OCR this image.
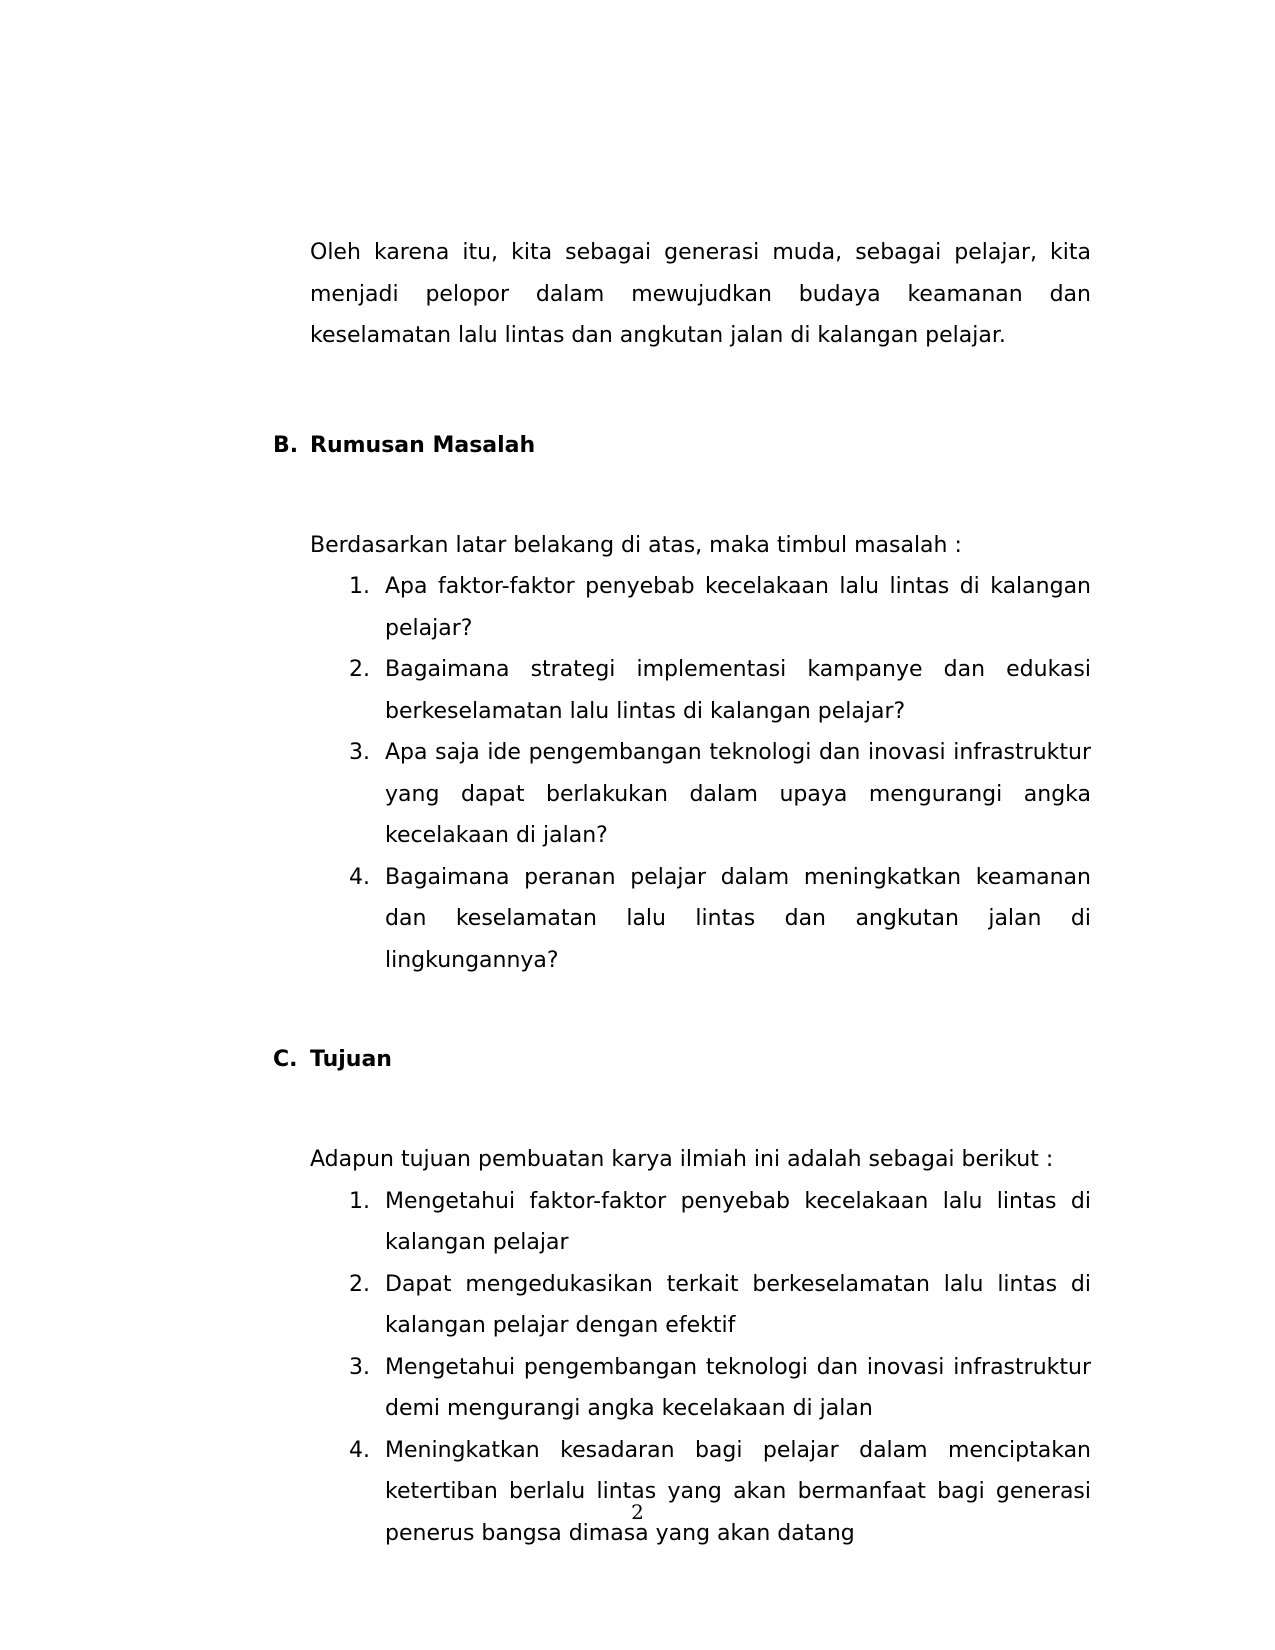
Oleh karena itu, kita sebagai generasi muda, sebagai pelajar, kita menjadi pelopor dalam mewujudkan budaya keamanan dan keselamatan lalu lintas dan angkutan jalan di kalangan pelajar.

B. Rumusan Masalah

Berdasarkan latar belakang di atas, maka timbul masalah :

1. Apa faktor-faktor penyebab kecelakaan lalu lintas di kalangan pelajar?
2. Bagaimana strategi implementasi kampanye dan edukasi berkeselamatan lalu lintas di kalangan pelajar?
3. Apa saja ide pengembangan teknologi dan inovasi infrastruktur yang dapat berlakukan dalam upaya mengurangi angka kecelakaan di jalan?
4. Bagaimana peranan pelajar dalam meningkatkan keamanan dan keselamatan lalu lintas dan angkutan jalan di lingkungannya?
C. Tujuan

Adapun tujuan pembuatan karya ilmiah ini adalah sebagai berikut :

1. Mengetahui faktor-faktor penyebab kecelakaan lalu lintas di kalangan pelajar
2. Dapat mengedukasikan terkait berkeselamatan lalu lintas di kalangan pelajar dengan efektif
3. Mengetahui pengembangan teknologi dan inovasi infrastruktur demi mengurangi angka kecelakaan di jalan
4. Meningkatkan kesadaran bagi pelajar dalam menciptakan ketertiban berlalu lintas yang akan bermanfaat bagi generasi penerus bangsa dimasa yang akan datang
2
